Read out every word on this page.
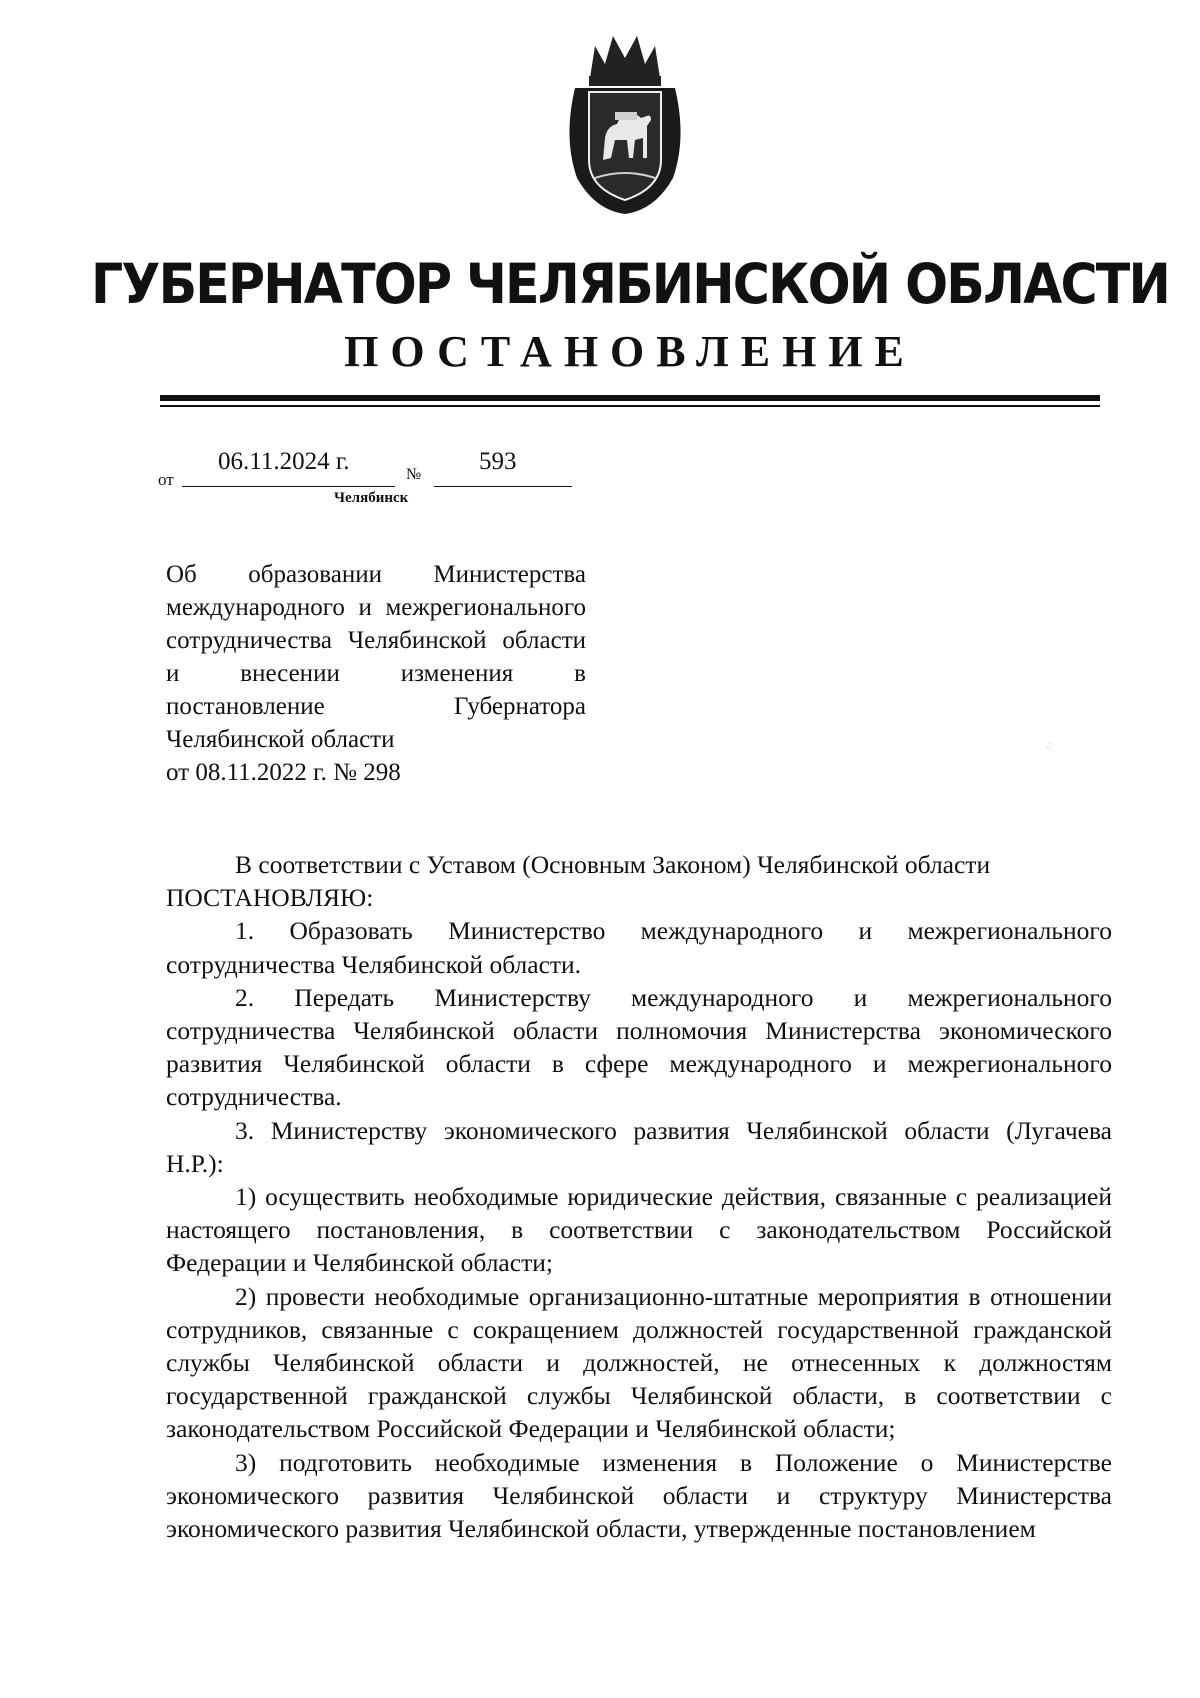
ГУБЕРНАТОР ЧЕЛЯБИНСКОЙ ОБЛАСТИ
ПОСТАНОВЛЕНИЕ
от
06.11.2024 г.	№ 593
Челябинск

Об образовании Министерства международного и межрегионального сотрудничества Челябинской области и внесении изменения в постановление Губернатора Челябинской области

от 08.11.2022 г. № 298

.:

В соответствии с Уставом (Основным Законом) Челябинской области

ПОСТАНОВЛЯЮ:

1. Образовать Министерство международного и межрегионального сотрудничества Челябинской области.

2. Передать Министерству международного и межрегионального сотрудничества Челябинской области полномочия Министерства экономического развития Челябинской области в сфере международного и межрегионального сотрудничества.

3. Министерству экономического развития Челябинской области (Лугачева Н.Р.):

1) осуществить необходимые юридические действия, связанные с реализацией настоящего постановления, в соответствии с законодательством Российской Федерации и Челябинской области;

2) провести необходимые организационно-штатные мероприятия в отношении сотрудников, связанные с сокращением должностей государственной гражданской службы Челябинской области и должностей, не отнесенных к должностям государственной гражданской службы Челябинской области, в соответствии с законодательством Российской Федерации и Челябинской области;

3) подготовить необходимые изменения в Положение о Министерстве экономического развития Челябинской области и структуру Министерства экономического развития Челябинской области, утвержденные постановлением
